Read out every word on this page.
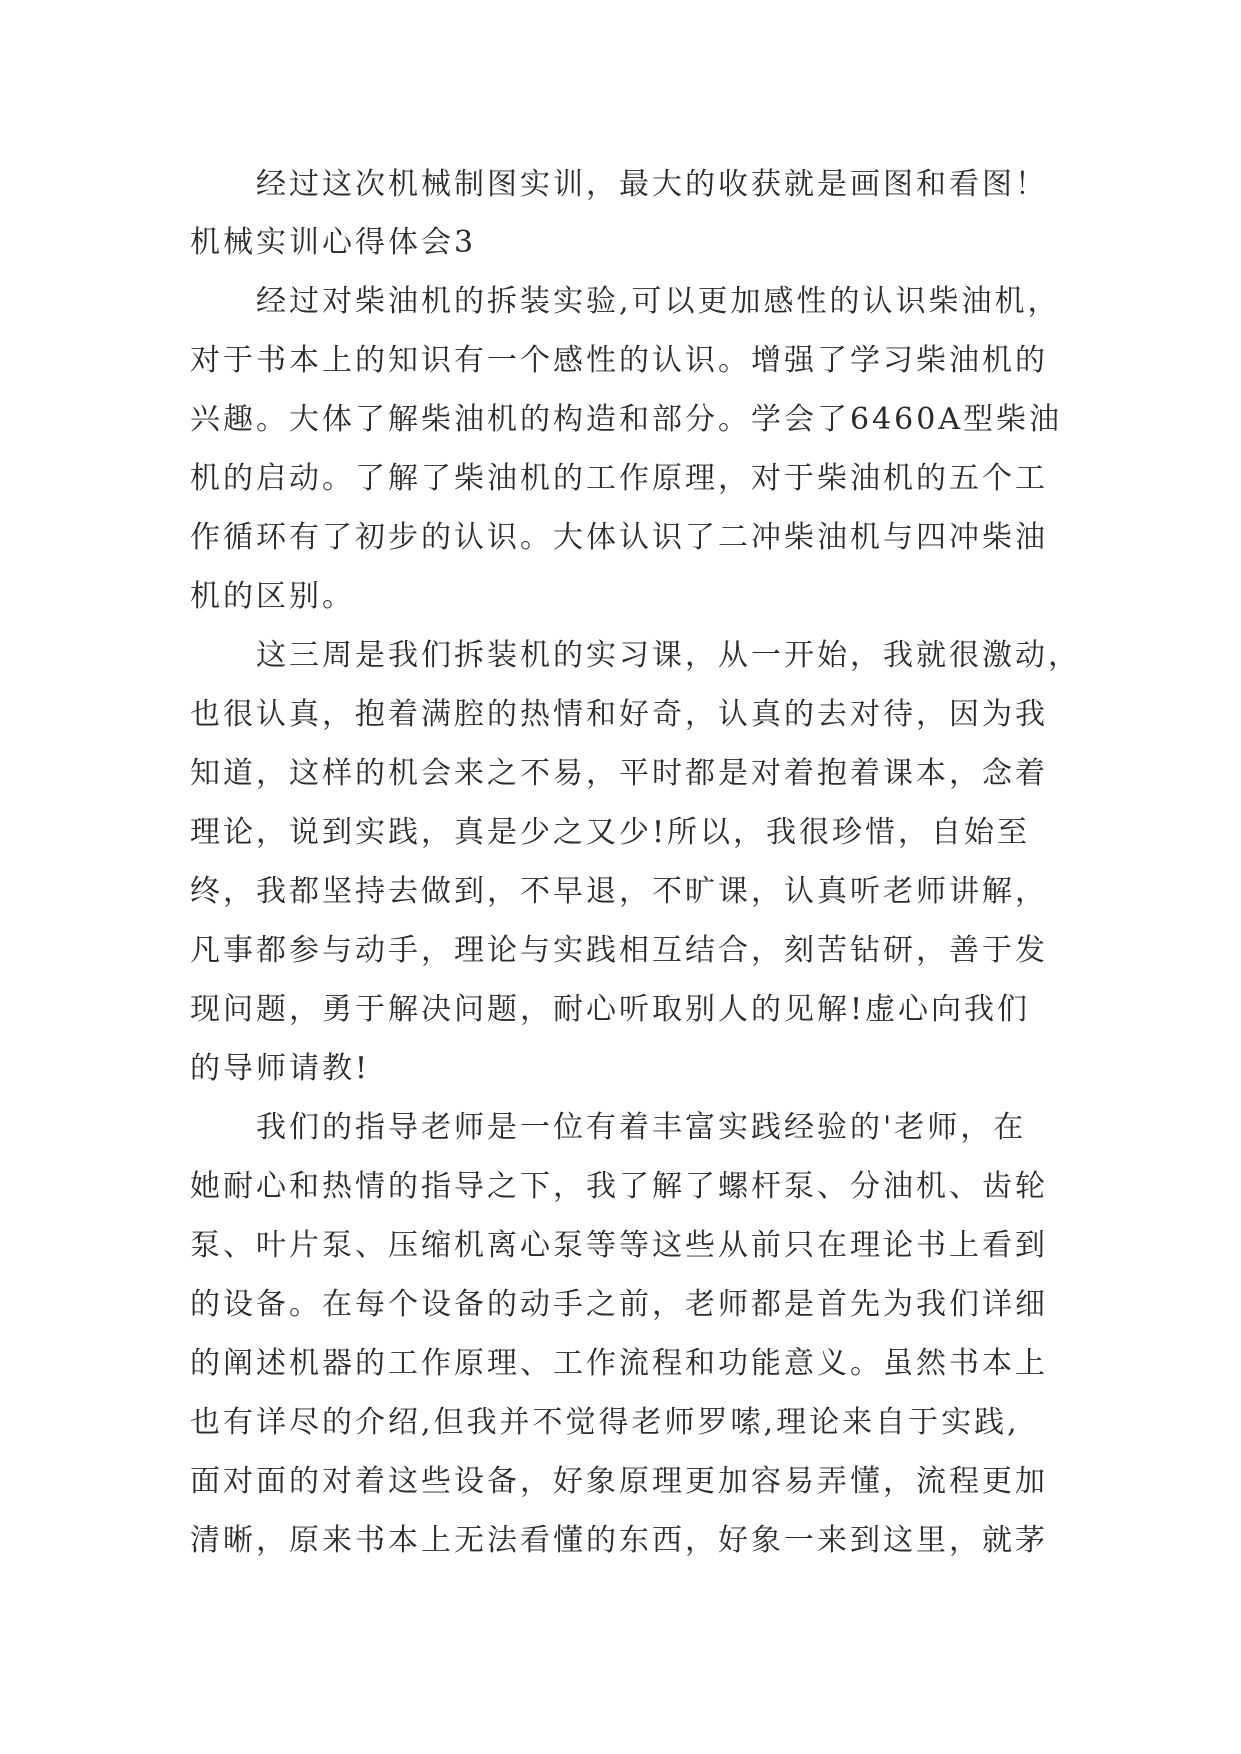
经过这次机械制图实训，最大的收获就是画图和看图！
机械实训心得体会3
经过对柴油机的拆装实验,可以更加感性的认识柴油机，
对于书本上的知识有一个感性的认识。增强了学习柴油机的
兴趣。大体了解柴油机的构造和部分。学会了6460A型柴油
机的启动。了解了柴油机的工作原理，对于柴油机的五个工
作循环有了初步的认识。大体认识了二冲柴油机与四冲柴油
机的区别。
这三周是我们拆装机的实习课，从一开始，我就很激动，
也很认真，抱着满腔的热情和好奇，认真的去对待，因为我
知道，这样的机会来之不易，平时都是对着抱着课本，念着
理论，说到实践，真是少之又少!所以，我很珍惜，自始至
终，我都坚持去做到，不早退，不旷课，认真听老师讲解，
凡事都参与动手，理论与实践相互结合，刻苦钻研，善于发
现问题，勇于解决问题，耐心听取别人的见解!虚心向我们
的导师请教!
我们的指导老师是一位有着丰富实践经验的'老师，在
她耐心和热情的指导之下，我了解了螺杆泵、分油机、齿轮
泵、叶片泵、压缩机离心泵等等这些从前只在理论书上看到
的设备。在每个设备的动手之前，老师都是首先为我们详细
的阐述机器的工作原理、工作流程和功能意义。虽然书本上
也有详尽的介绍,但我并不觉得老师罗嗦,理论来自于实践,
面对面的对着这些设备，好象原理更加容易弄懂，流程更加
清晰，原来书本上无法看懂的东西，好象一来到这里，就茅
